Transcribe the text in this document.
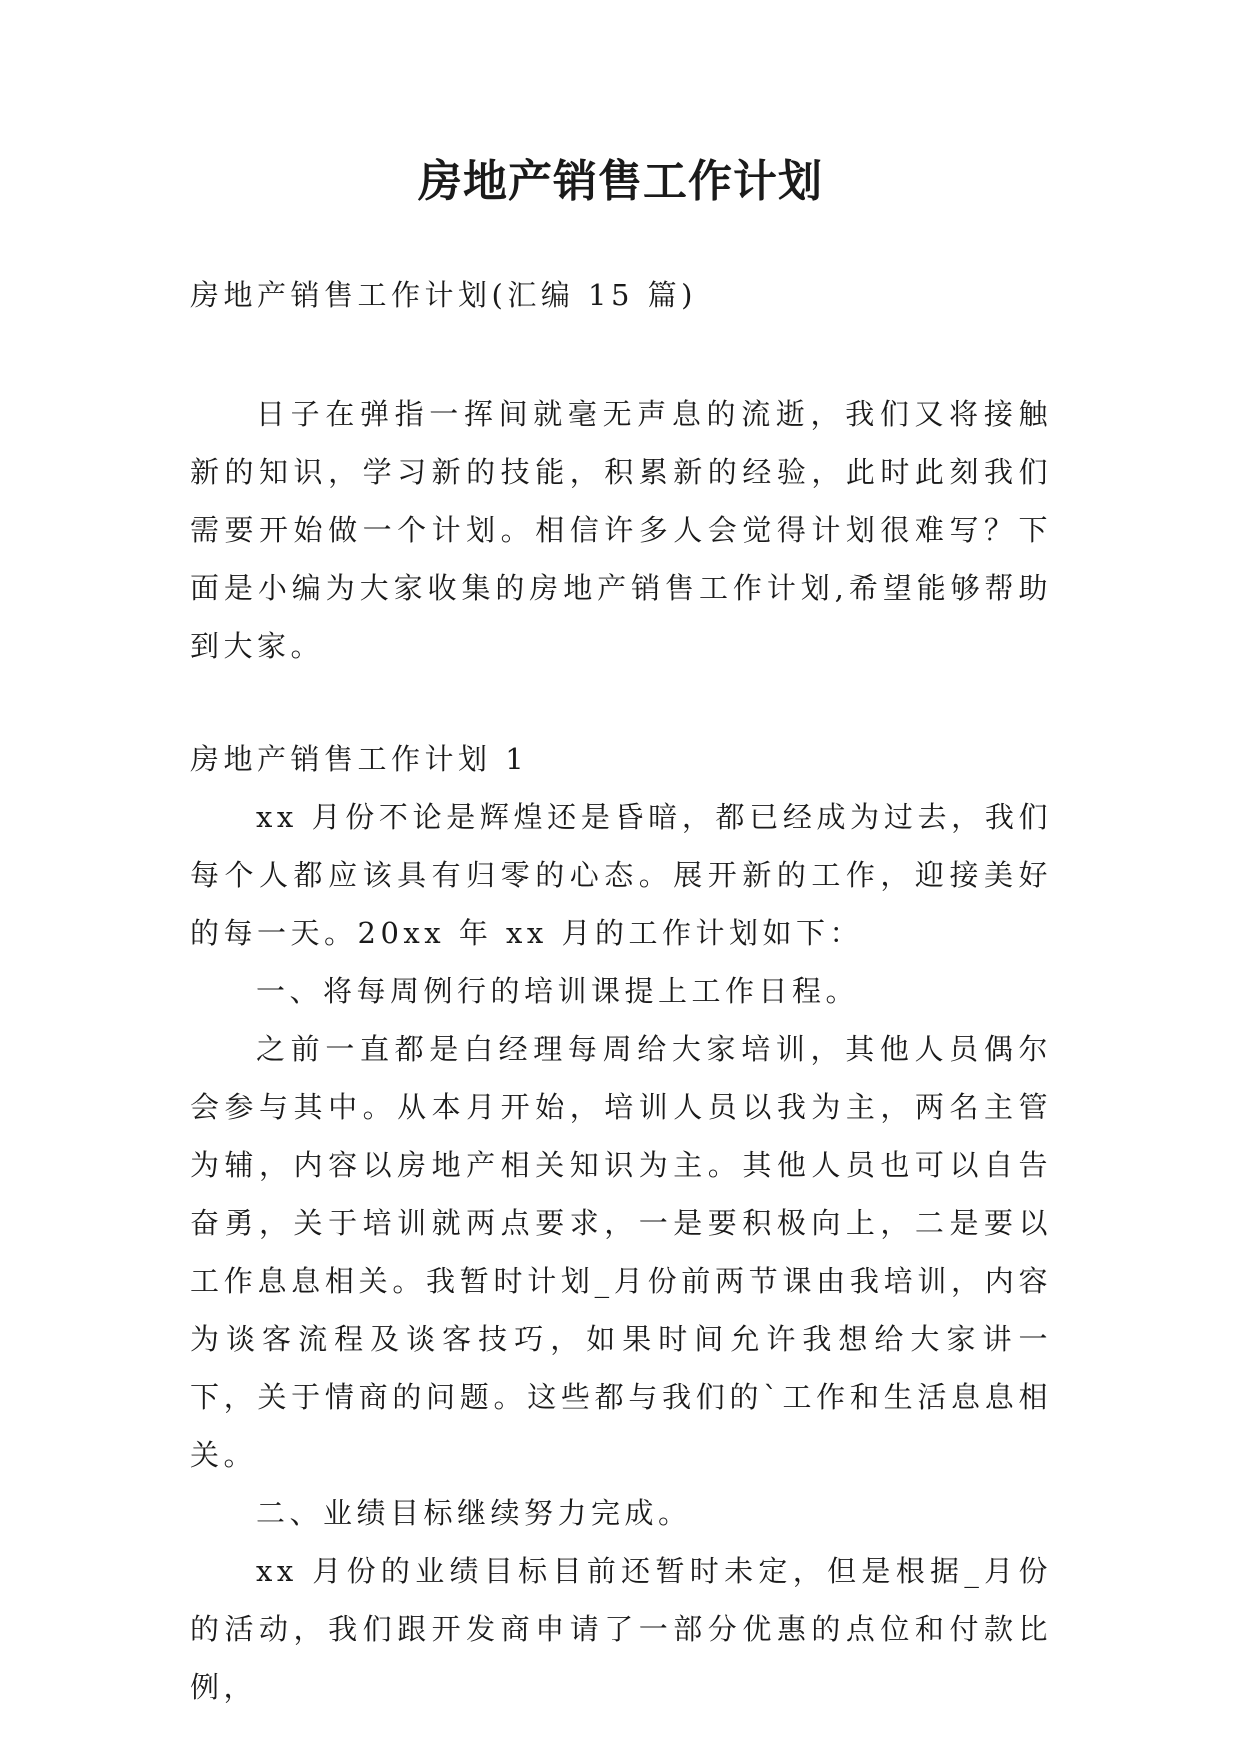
房地产销售工作计划

房地产销售工作计划(汇编 15 篇)

日子在弹指一挥间就毫无声息的流逝，我们又将接触新的知识，学习新的技能，积累新的经验，此时此刻我们需要开始做一个计划。相信许多人会觉得计划很难写？下面是小编为大家收集的房地产销售工作计划,希望能够帮助到大家。

房地产销售工作计划 1

xx 月份不论是辉煌还是昏暗，都已经成为过去，我们每个人都应该具有归零的心态。展开新的工作，迎接美好的每一天。20xx 年 xx 月的工作计划如下：

一、将每周例行的培训课提上工作日程。

之前一直都是白经理每周给大家培训，其他人员偶尔会参与其中。从本月开始，培训人员以我为主，两名主管为辅，内容以房地产相关知识为主。其他人员也可以自告奋勇，关于培训就两点要求，一是要积极向上，二是要以工作息息相关。我暂时计划_月份前两节课由我培训，内容为谈客流程及谈客技巧，如果时间允许我想给大家讲一下，关于情商的问题。这些都与我们的`工作和生活息息相关。

二、业绩目标继续努力完成。

xx 月份的业绩目标目前还暂时未定，但是根据_月份的活动，我们跟开发商申请了一部分优惠的点位和付款比例，
